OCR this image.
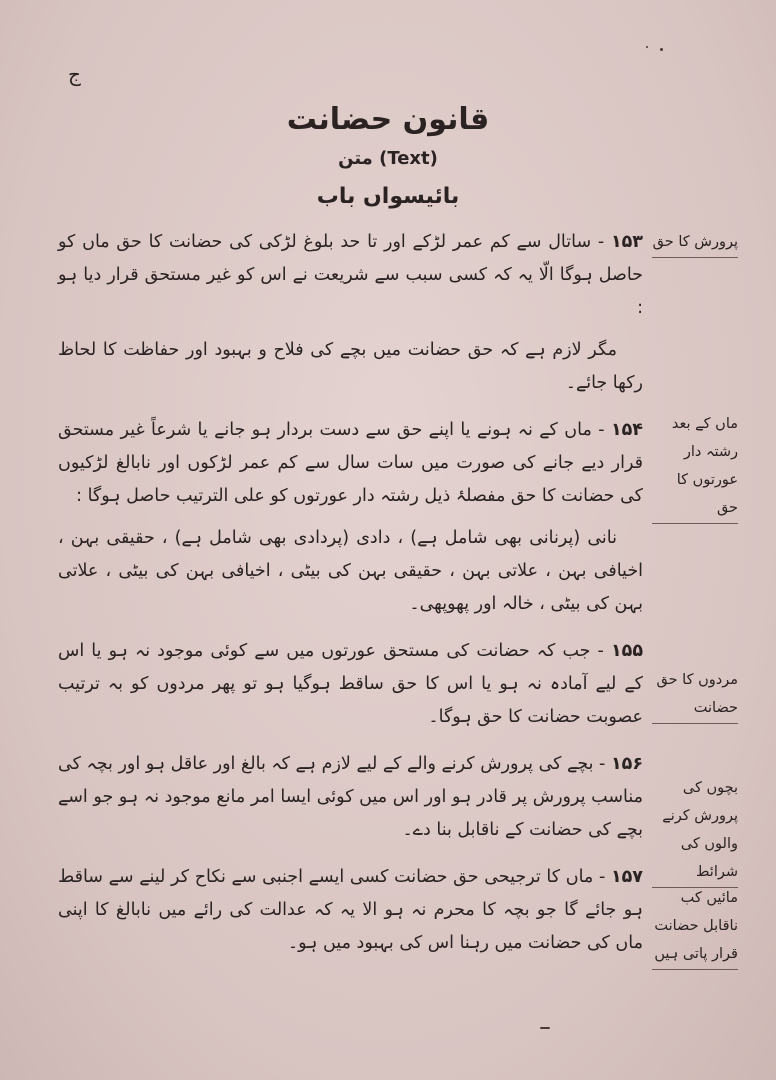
ج
قانون حضانت
متن (Text)
بائیسواں باب
پرورش کا حق
ماں کے بعد رشتہ دار عورتوں کا حق
مردوں کا حق حضانت
بچوں کی پرورش کرنے والوں کی شرائط
مائیں کب ناقابل حضانت قرار پاتی ہیں

۱۵۳ - ساتال سے کم عمر لڑکے اور تا حد بلوغ لڑکی کی حضانت کا حق ماں کو حاصل ہوگا الّا یہ کہ کسی سبب سے شریعت نے اس کو غیر مستحق قرار دیا ہو :

مگر لازم ہے کہ حق حضانت میں بچے کی فلاح و بہبود اور حفاظت کا لحاظ رکھا جائے۔

۱۵۴ - ماں کے نہ ہونے یا اپنے حق سے دست بردار ہو جانے یا شرعاً غیر مستحق قرار دیے جانے کی صورت میں سات سال سے کم عمر لڑکوں اور نابالغ لڑکیوں کی حضانت کا حق مفصلۂ ذیل رشتہ دار عورتوں کو علی الترتیب حاصل ہوگا :

نانی (پرنانی بھی شامل ہے) ، دادی (پردادی بھی شامل ہے) ، حقیقی بہن ، اخیافی بہن ، علاتی بہن ، حقیقی بہن کی بیٹی ، اخیافی بہن کی بیٹی ، علاتی بہن کی بیٹی ، خالہ اور پھوپھی۔

۱۵۵ - جب کہ حضانت کی مستحق عورتوں میں سے کوئی موجود نہ ہو یا اس کے لیے آمادہ نہ ہو یا اس کا حق ساقط ہوگیا ہو تو پھر مردوں کو بہ ترتیب عصوبت حضانت کا حق ہوگا۔

۱۵۶ - بچے کی پرورش کرنے والے کے لیے لازم ہے کہ بالغ اور عاقل ہو اور بچہ کی مناسب پرورش پر قادر ہو اور اس میں کوئی ایسا امر مانع موجود نہ ہو جو اسے بچے کی حضانت کے ناقابل بنا دے۔

۱۵۷ - ماں کا ترجیحی حق حضانت کسی ایسے اجنبی سے نکاح کر لینے سے ساقط ہو جائے گا جو بچہ کا محرم نہ ہو الا یہ کہ عدالت کی رائے میں نابالغ کا اپنی ماں کی حضانت میں رہنا اس کی بہبود میں ہو۔
